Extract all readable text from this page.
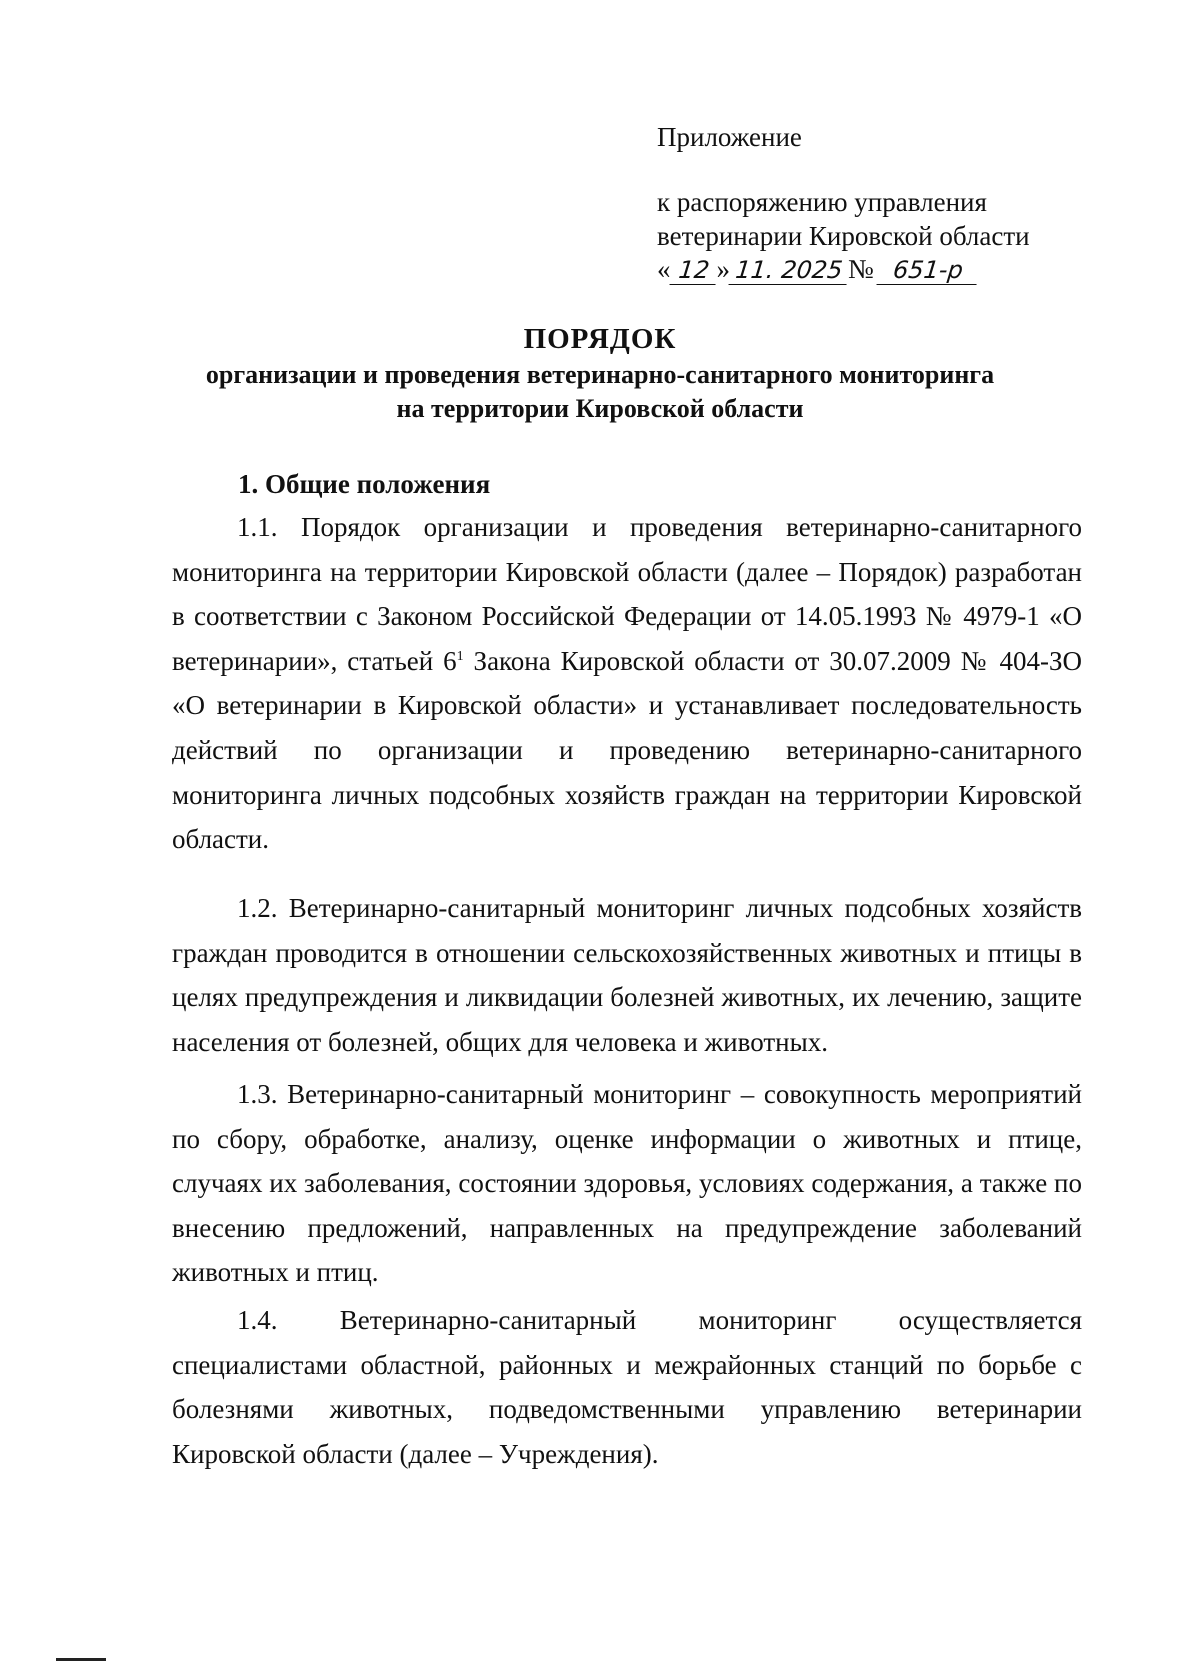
Приложение
к распоряжению управления
ветеринарии Кировской области
« 12 » 11. 2025 № 651-р
ПОРЯДОК
организации и проведения ветеринарно-санитарного мониторинга
на территории Кировской области
1. Общие положения
1.1. Порядок организации и проведения ветеринарно-санитарного мониторинга на территории Кировской области (далее – Порядок) разработан в соответствии с Законом Российской Федерации от 14.05.1993 № 4979-1 «О ветеринарии», статьей $6^1$ Закона Кировской области от 30.07.2009 № 404-ЗО «О ветеринарии в Кировской области» и устанавливает последовательность действий по организации и проведению ветеринарно-санитарного мониторинга личных подсобных хозяйств граждан на территории Кировской области.
1.2. Ветеринарно-санитарный мониторинг личных подсобных хозяйств граждан проводится в отношении сельскохозяйственных животных и птицы в целях предупреждения и ликвидации болезней животных, их лечению, защите населения от болезней, общих для человека и животных.
1.3. Ветеринарно-санитарный мониторинг – совокупность мероприятий по сбору, обработке, анализу, оценке информации о животных и птице, случаях их заболевания, состоянии здоровья, условиях содержания, а также по внесению предложений, направленных на предупреждение заболеваний животных и птиц.
1.4. Ветеринарно-санитарный мониторинг осуществляется специалистами областной, районных и межрайонных станций по борьбе с болезнями животных, подведомственными управлению ветеринарии Кировской области (далее – Учреждения).
